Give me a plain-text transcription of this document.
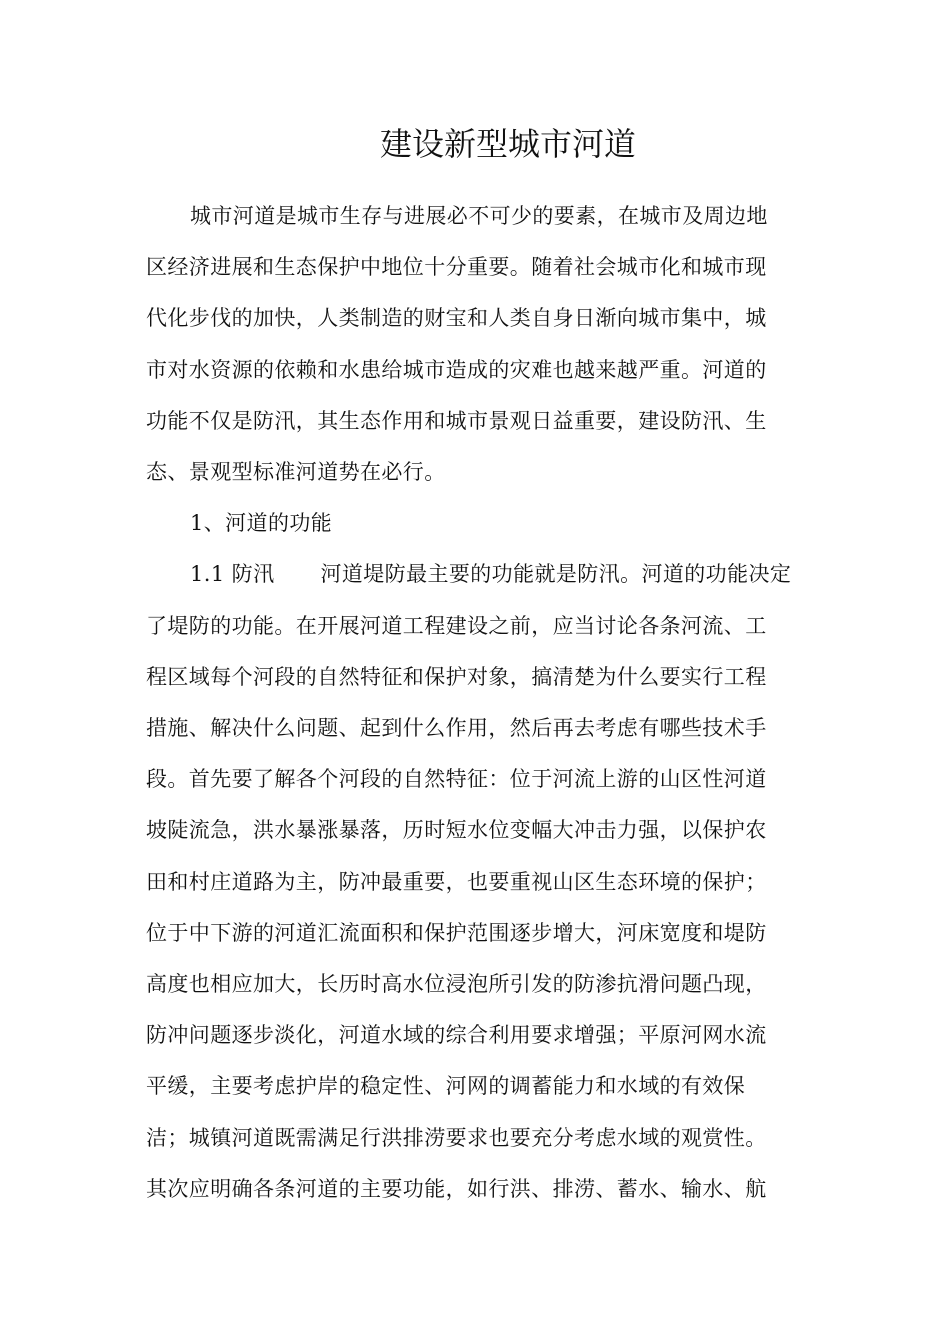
建设新型城市河道

城市河道是城市生存与进展必不可少的要素，在城市及周边地
区经济进展和生态保护中地位十分重要。随着社会城市化和城市现
代化步伐的加快，人类制造的财宝和人类自身日渐向城市集中，城
市对水资源的依赖和水患给城市造成的灾难也越来越严重。河道的
功能不仅是防汛，其生态作用和城市景观日益重要，建设防汛、生
态、景观型标准河道势在必行。

1、河道的功能

1.1 防汛 河道堤防最主要的功能就是防汛。河道的功能决定
了堤防的功能。在开展河道工程建设之前，应当讨论各条河流、工
程区域每个河段的自然特征和保护对象，搞清楚为什么要实行工程
措施、解决什么问题、起到什么作用，然后再去考虑有哪些技术手
段。首先要了解各个河段的自然特征：位于河流上游的山区性河道
坡陡流急，洪水暴涨暴落，历时短水位变幅大冲击力强，以保护农
田和村庄道路为主，防冲最重要，也要重视山区生态环境的保护；
位于中下游的河道汇流面积和保护范围逐步增大，河床宽度和堤防
高度也相应加大，长历时高水位浸泡所引发的防渗抗滑问题凸现，
防冲问题逐步淡化，河道水域的综合利用要求增强；平原河网水流
平缓，主要考虑护岸的稳定性、河网的调蓄能力和水域的有效保
洁；城镇河道既需满足行洪排涝要求也要充分考虑水域的观赏性。
其次应明确各条河道的主要功能，如行洪、排涝、蓄水、输水、航
